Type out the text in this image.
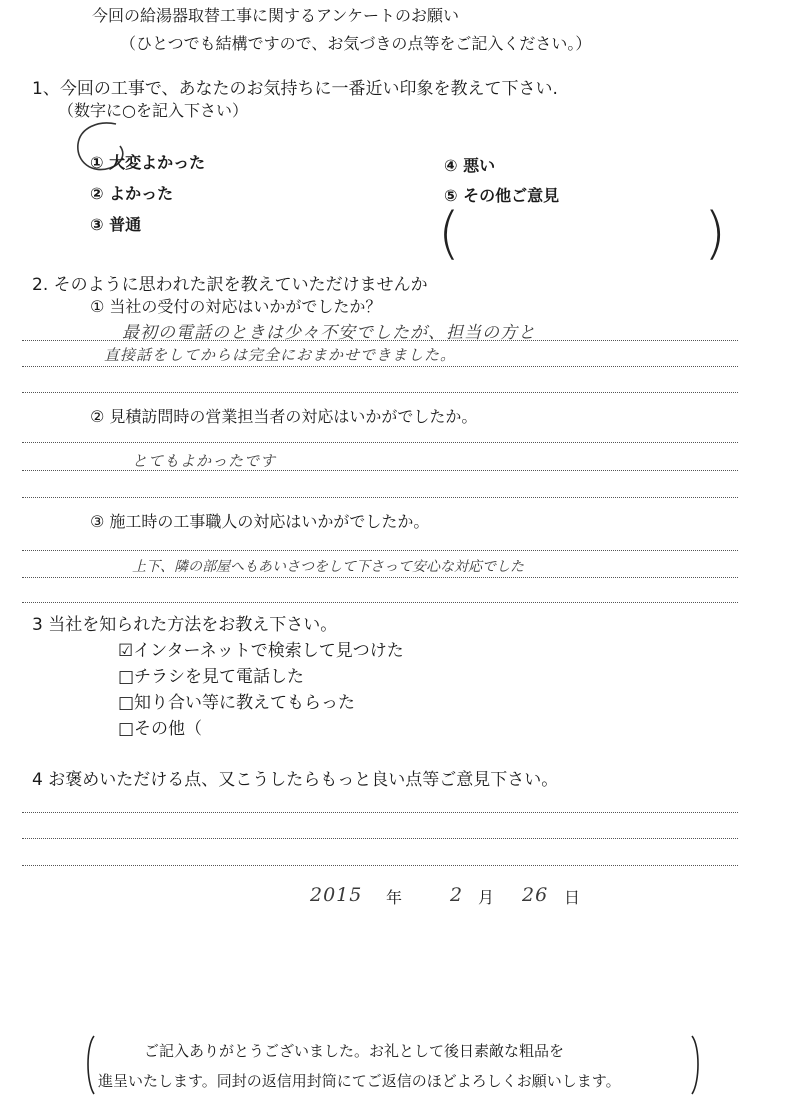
今回の給湯器取替工事に関するアンケートのお願い
（ひとつでも結構ですので、お気づきの点等をご記入ください。）
1、今回の工事で、あなたのお気持ちに一番近い印象を教えて下さい.
（数字に○を記入下さい）
① 大変よかった
② よかった
③ 普通
④ 悪い
⑤ その他ご意見
(	)
2. そのように思われた訳を教えていただけませんか
① 当社の受付の対応はいかがでしたか？
最初の電話のときは少々不安でしたが、担当の方と
直接話をしてからは完全におまかせできました。
② 見積訪問時の営業担当者の対応はいかがでしたか。
とてもよかったです
③ 施工時の工事職人の対応はいかがでしたか。
上下、隣の部屋へもあいさつをして下さって安心な対応でした
3 当社を知られた方法をお教え下さい。
☑インターネットで検索して見つけた
□チラシを見て電話した
□知り合い等に教えてもらった
□その他（
4 お褒めいただける点、又こうしたらもっと良い点等ご意見下さい。
2015 年	2 月 26 日
ご記入ありがとうございました。お礼として後日素敵な粗品を
進呈いたします。同封の返信用封筒にてご返信のほどよろしくお願いします。
